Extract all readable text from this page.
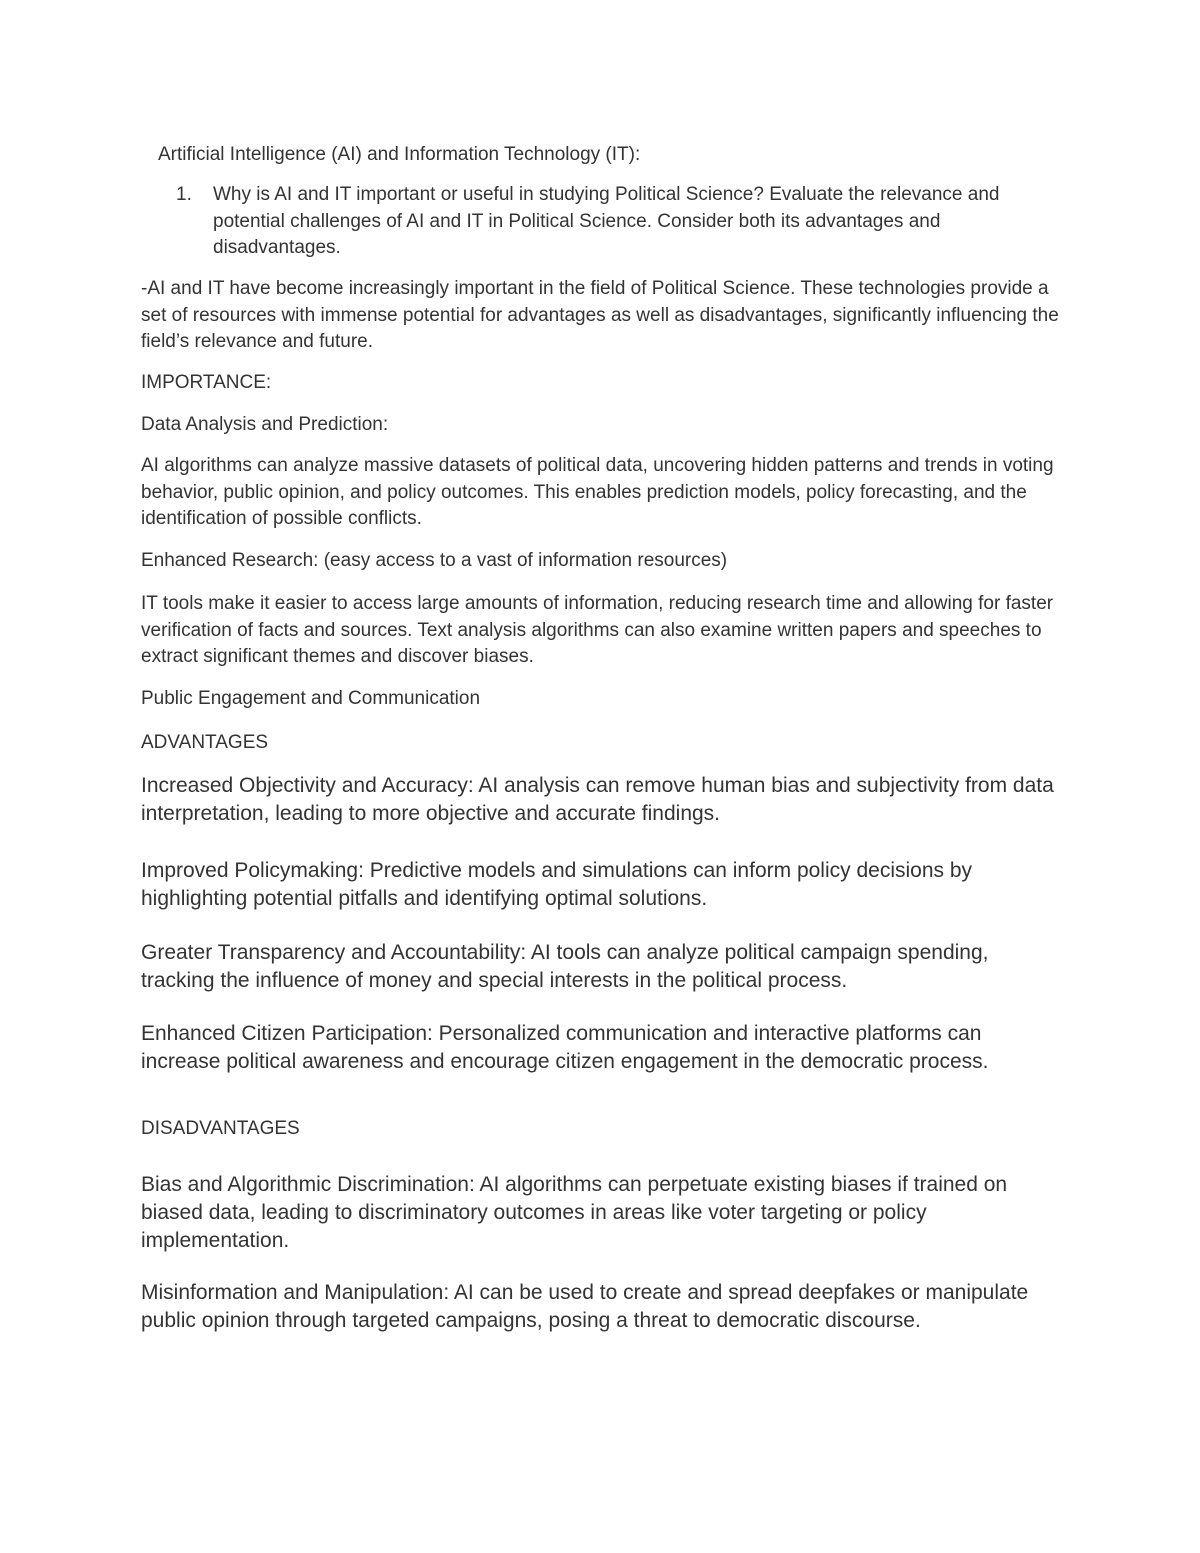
Artificial Intelligence (AI) and Information Technology (IT):

1. Why is AI and IT important or useful in studying Political Science? Evaluate the relevance and potential challenges of AI and IT in Political Science. Consider both its advantages and disadvantages.

-AI and IT have become increasingly important in the field of Political Science. These technologies provide a set of resources with immense potential for advantages as well as disadvantages, significantly influencing the field’s relevance and future.

IMPORTANCE:

Data Analysis and Prediction:

AI algorithms can analyze massive datasets of political data, uncovering hidden patterns and trends in voting behavior, public opinion, and policy outcomes. This enables prediction models, policy forecasting, and the identification of possible conflicts.

Enhanced Research: (easy access to a vast of information resources)

IT tools make it easier to access large amounts of information, reducing research time and allowing for faster verification of facts and sources. Text analysis algorithms can also examine written papers and speeches to extract significant themes and discover biases.

Public Engagement and Communication

ADVANTAGES

Increased Objectivity and Accuracy: AI analysis can remove human bias and subjectivity from data interpretation, leading to more objective and accurate findings.

Improved Policymaking: Predictive models and simulations can inform policy decisions by highlighting potential pitfalls and identifying optimal solutions.

Greater Transparency and Accountability: AI tools can analyze political campaign spending, tracking the influence of money and special interests in the political process.

Enhanced Citizen Participation: Personalized communication and interactive platforms can increase political awareness and encourage citizen engagement in the democratic process.

DISADVANTAGES

Bias and Algorithmic Discrimination: AI algorithms can perpetuate existing biases if trained on biased data, leading to discriminatory outcomes in areas like voter targeting or policy implementation.

Misinformation and Manipulation: AI can be used to create and spread deepfakes or manipulate public opinion through targeted campaigns, posing a threat to democratic discourse.
